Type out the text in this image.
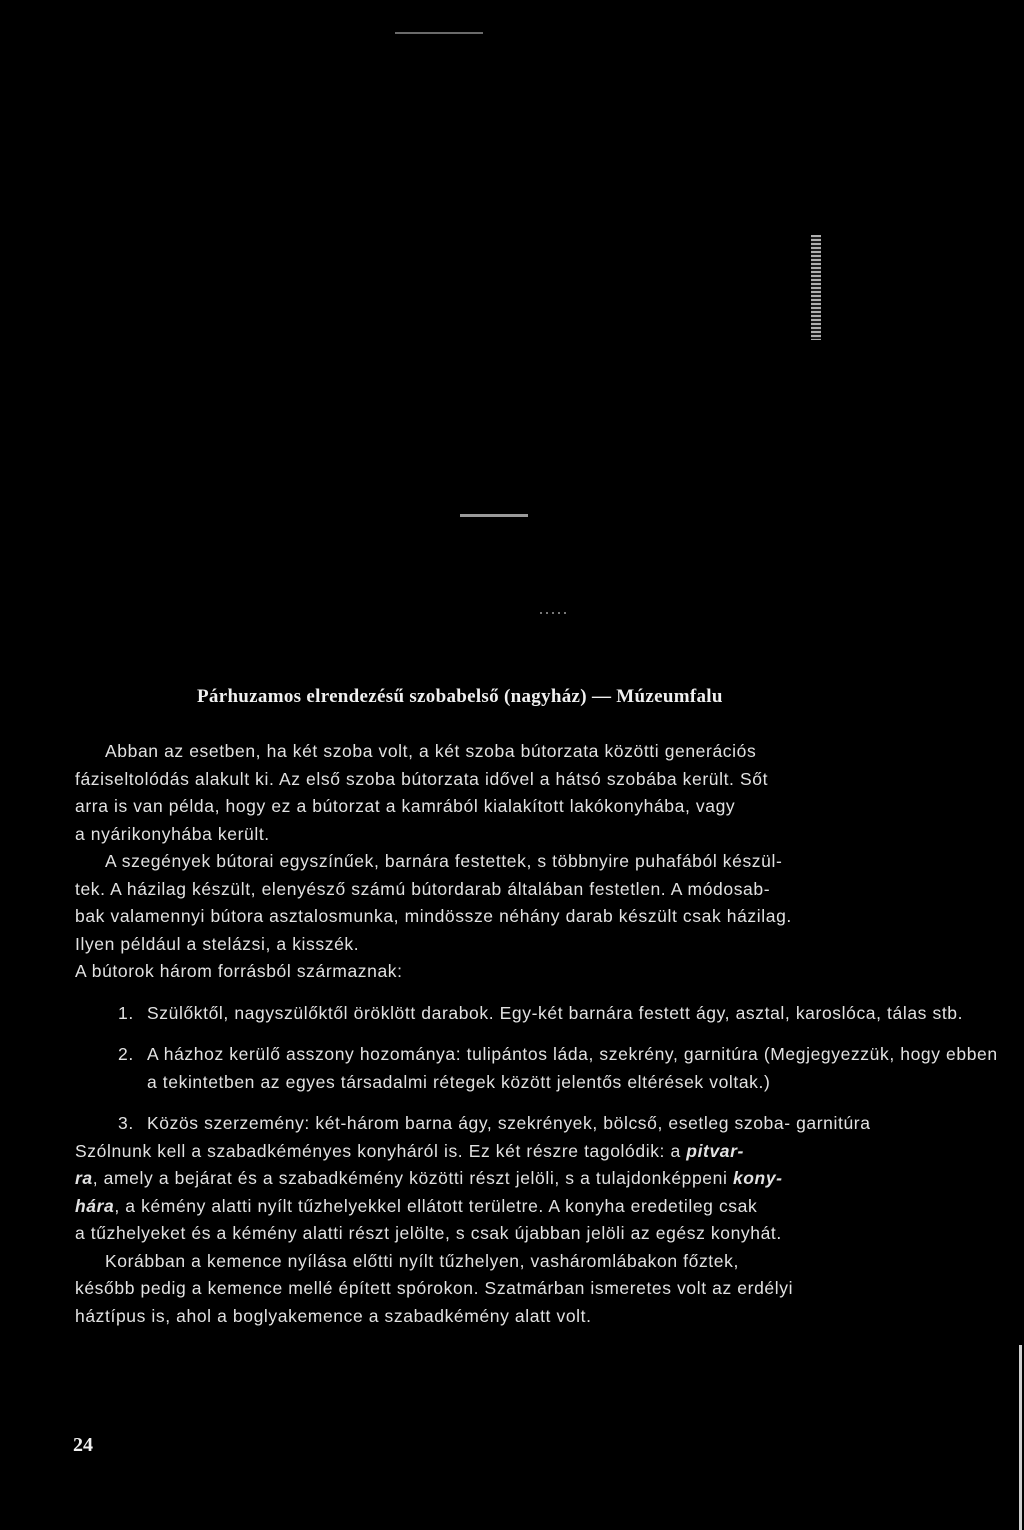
Párhuzamos elrendezésű szobabelső (nagyház) — Múzeumfalu

Abban az esetben, ha két szoba volt, a két szoba bútorzata közötti generációs
fáziseltolódás alakult ki. Az első szoba bútorzata idővel a hátsó szobába került. Sőt
arra is van példa, hogy ez a bútorzat a kamrából kialakított lakókonyhába, vagy
a nyárikonyhába került.

A szegények bútorai egyszínűek, barnára festettek, s többnyire puhafából készül-
tek. A házilag készült, elenyésző számú bútordarab általában festetlen. A módosab-
bak valamennyi bútora asztalosmunka, mindössze néhány darab készült csak házilag.
Ilyen például a stelázsi, a kisszék.

A bútorok három forrásból származnak:

1. Szülőktől, nagyszülőktől öröklött darabok. Egy-két barnára festett ágy, asztal, karoslóca, tálas stb.
2. A házhoz kerülő asszony hozománya: tulipántos láda, szekrény, garnitúra (Megjegyezzük, hogy ebben a tekintetben az egyes társadalmi rétegek között jelentős eltérések voltak.)
3. Közös szerzemény: két-három barna ágy, szekrények, bölcső, esetleg szoba- garnitúra

Szólnunk kell a szabadkéményes konyháról is. Ez két részre tagolódik: a pitvar-
ra, amely a bejárat és a szabadkémény közötti részt jelöli, s a tulajdonképpeni kony-
hára, a kémény alatti nyílt tűzhelyekkel ellátott területre. A konyha eredetileg csak
a tűzhelyeket és a kémény alatti részt jelölte, s csak újabban jelöli az egész konyhát.

Korábban a kemence nyílása előtti nyílt tűzhelyen, vasháromlábakon főztek,
később pedig a kemence mellé épített spórokon. Szatmárban ismeretes volt az erdélyi
háztípus is, ahol a boglyakemence a szabadkémény alatt volt.

24
